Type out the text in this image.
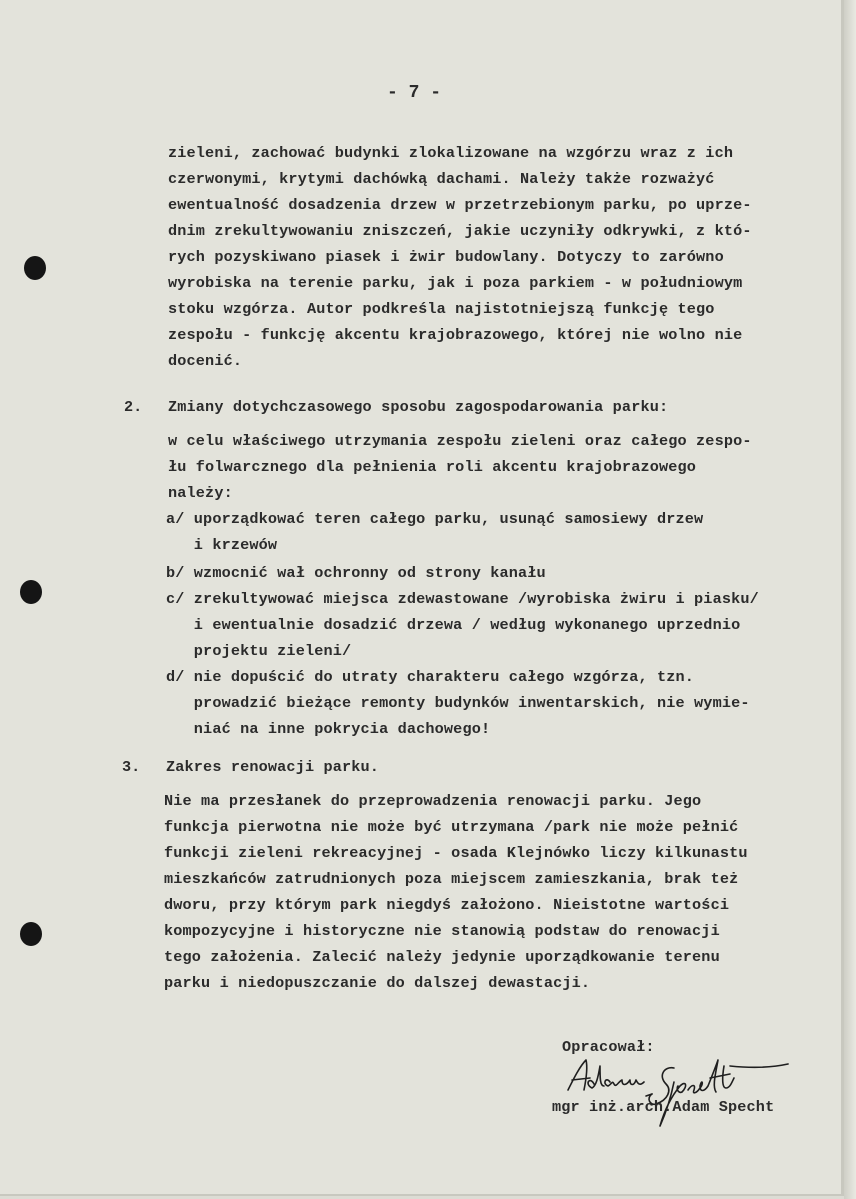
- 7 -
zieleni, zachować budynki zlokalizowane na wzgórzu wraz z ich
czerwonymi, krytymi dachówką dachami. Należy także rozważyć
ewentualność dosadzenia drzew w przetrzebionym parku, po uprze-
dnim zrekultywowaniu zniszczeń, jakie uczyniły odkrywki, z któ-
rych pozyskiwano piasek i żwir budowlany. Dotyczy to zarówno
wyrobiska na terenie parku, jak i poza parkiem - w południowym
stoku wzgórza. Autor podkreśla najistotniejszą funkcję tego
zespołu - funkcję akcentu krajobrazowego, której nie wolno nie
docenić.
2. Zmiany dotychczasowego sposobu zagospodarowania parku:
w celu właściwego utrzymania zespołu zieleni oraz całego zespo-
łu folwarcznego dla pełnienia roli akcentu krajobrazowego
należy:
a/ uporządkować teren całego parku, usunąć samosiewy drzew
i krzewów
b/ wzmocnić wał ochronny od strony kanału
c/ zrekultywować miejsca zdewastowane /wyrobiska żwiru i piasku/
i ewentualnie dosadzić drzewa / według wykonanego uprzednio
projektu zieleni/
d/ nie dopuścić do utraty charakteru całego wzgórza, tzn.
prowadzić bieżące remonty budynków inwentarskich, nie wymie-
niać na inne pokrycia dachowego!
3. Zakres renowacji parku.
Nie ma przesłanek do przeprowadzenia renowacji parku. Jego
funkcja pierwotna nie może być utrzymana /park nie może pełnić
funkcji zieleni rekreacyjnej - osada Klejnówko liczy kilkunastu
mieszkańców zatrudnionych poza miejscem zamieszkania, brak też
dworu, przy którym park niegdyś założono. Nieistotne wartości
kompozycyjne i historyczne nie stanowią podstaw do renowacji
tego założenia. Zalecić należy jedynie uporządkowanie terenu
parku i niedopuszczanie do dalszej dewastacji.
Opracował:
mgr inż.arch.Adam Specht
